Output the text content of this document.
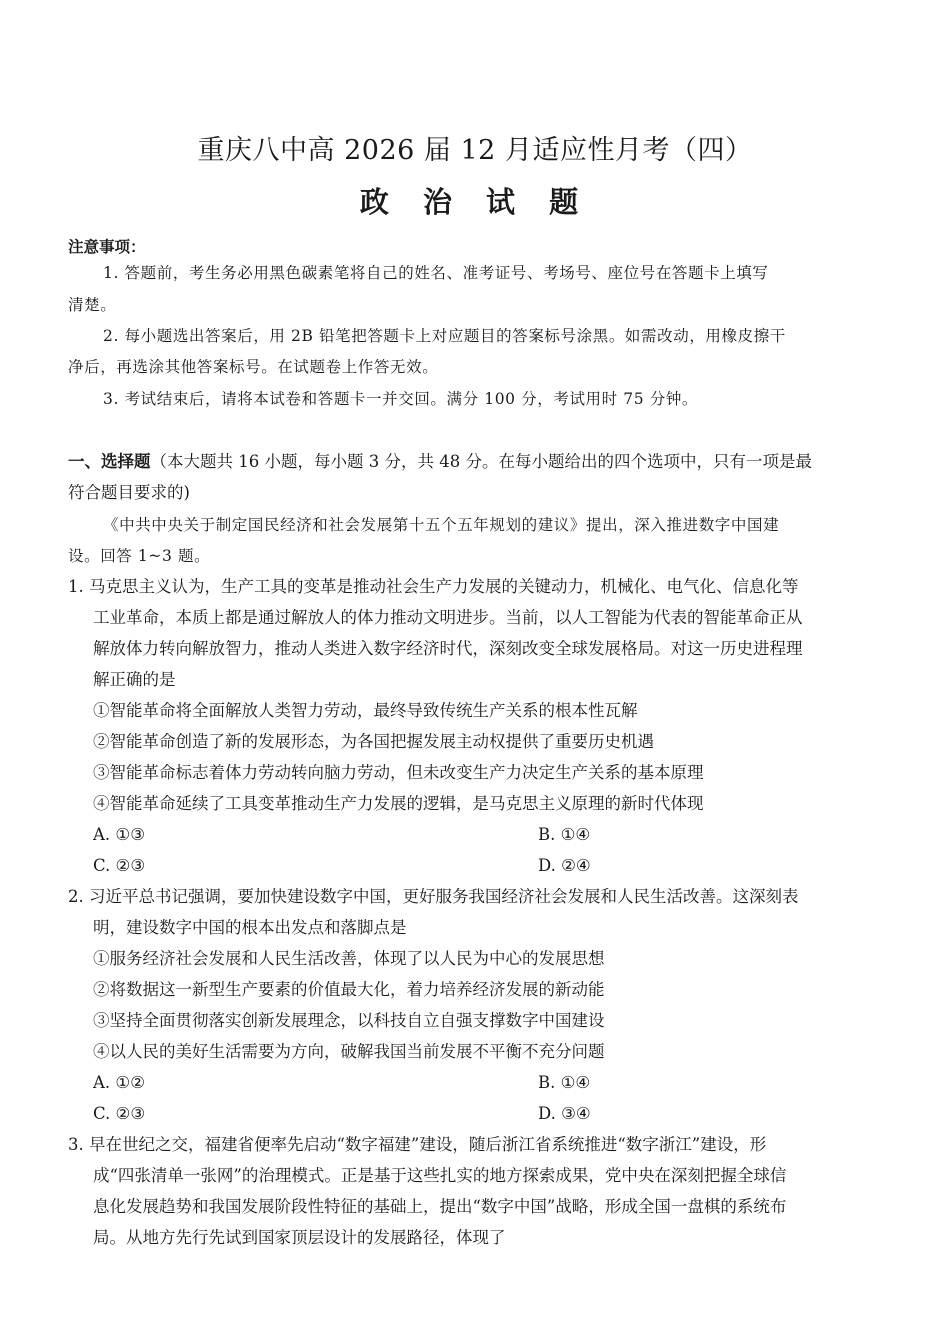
重庆八中高 2026 届 12 月适应性月考（四）
政 治 试 题
注意事项：
1. 答题前，考生务必用黑色碳素笔将自己的姓名、准考证号、考场号、座位号在答题卡上填写
清楚。
2. 每小题选出答案后，用 2B 铅笔把答题卡上对应题目的答案标号涂黑。如需改动，用橡皮擦干
净后，再选涂其他答案标号。在试题卷上作答无效。
3. 考试结束后，请将本试卷和答题卡一并交回。满分 100 分，考试用时 75 分钟。
一、选择题（本大题共 16 小题，每小题 3 分，共 48 分。在每小题给出的四个选项中，只有一项是最
符合题目要求的)
《中共中央关于制定国民经济和社会发展第十五个五年规划的建议》提出，深入推进数字中国建
设。回答 1~3 题。
1. 马克思主义认为，生产工具的变革是推动社会生产力发展的关键动力，机械化、电气化、信息化等
工业革命，本质上都是通过解放人的体力推动文明进步。当前，以人工智能为代表的智能革命正从
解放体力转向解放智力，推动人类进入数字经济时代，深刻改变全球发展格局。对这一历史进程理
解正确的是
①智能革命将全面解放人类智力劳动，最终导致传统生产关系的根本性瓦解
②智能革命创造了新的发展形态，为各国把握发展主动权提供了重要历史机遇
③智能革命标志着体力劳动转向脑力劳动，但未改变生产力决定生产关系的基本原理
④智能革命延续了工具变革推动生产力发展的逻辑，是马克思主义原理的新时代体现
A. ①③	B. ①④
C. ②③	D. ②④
2. 习近平总书记强调，要加快建设数字中国，更好服务我国经济社会发展和人民生活改善。这深刻表
明，建设数字中国的根本出发点和落脚点是
①服务经济社会发展和人民生活改善，体现了以人民为中心的发展思想
②将数据这一新型生产要素的价值最大化，着力培养经济发展的新动能
③坚持全面贯彻落实创新发展理念，以科技自立自强支撑数字中国建设
④以人民的美好生活需要为方向，破解我国当前发展不平衡不充分问题
A. ①②	B. ①④
C. ②③	D. ③④
3. 早在世纪之交，福建省便率先启动“数字福建”建设，随后浙江省系统推进“数字浙江”建设，形
成“四张清单一张网”的治理模式。正是基于这些扎实的地方探索成果，党中央在深刻把握全球信
息化发展趋势和我国发展阶段性特征的基础上，提出“数字中国”战略，形成全国一盘棋的系统布
局。从地方先行先试到国家顶层设计的发展路径，体现了
